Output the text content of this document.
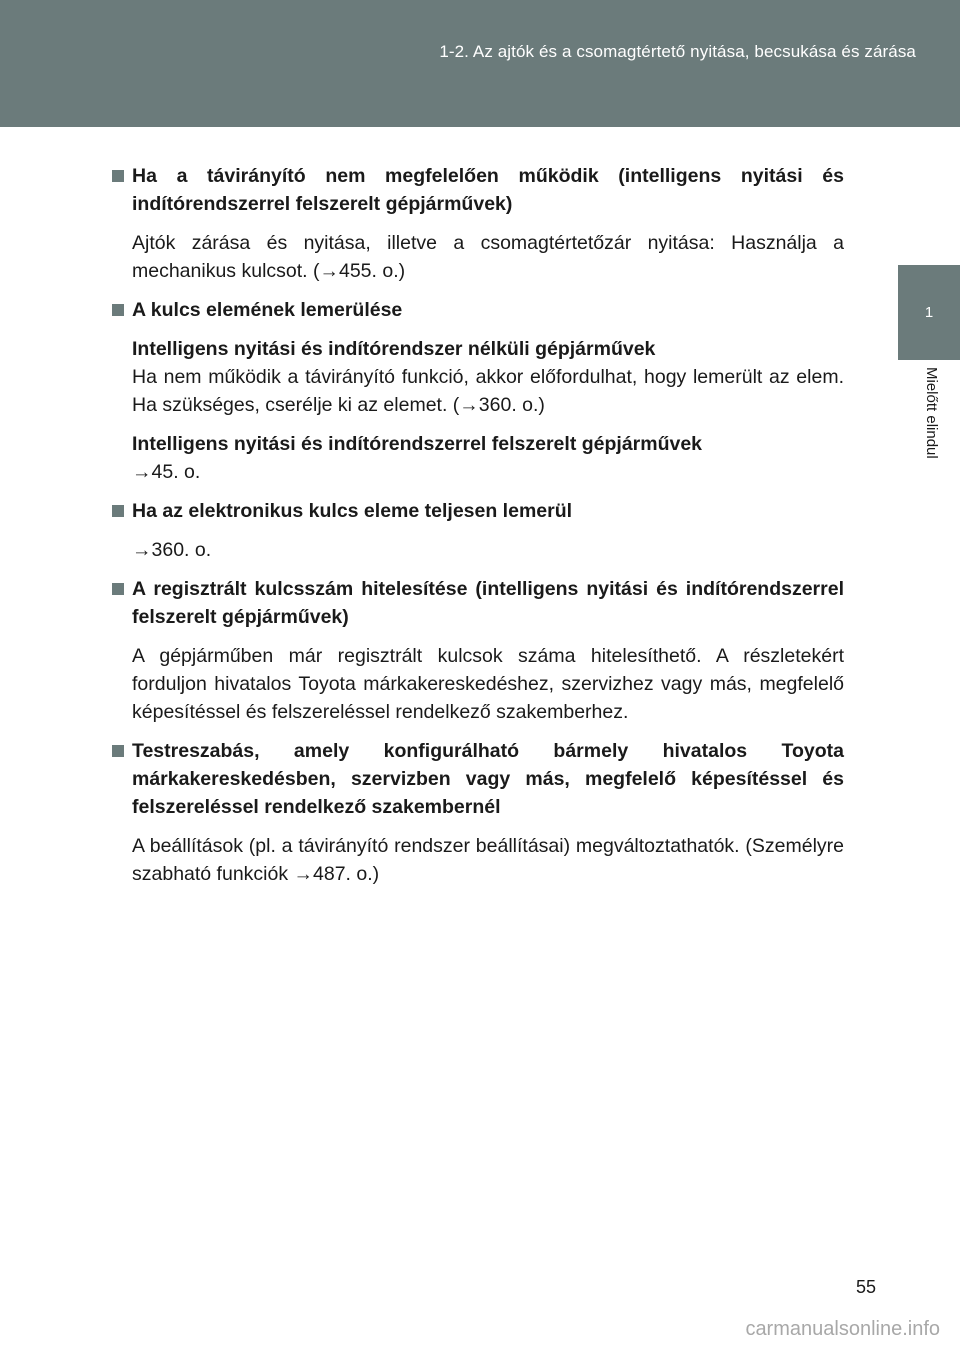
1-2. Az ajtók és a csomagtértető nyitása, becsukása és zárása
1
Mielőtt elindul
Ha a távirányító nem megfelelően működik (intelligens nyitási és indítórendszerrel felszerelt gépjárművek)
Ajtók zárása és nyitása, illetve a csomagtértetőzár nyitása: Használja a mechanikus kulcsot. (→455. o.)
A kulcs elemének lemerülése
Intelligens nyitási és indítórendszer nélküli gépjárművek
Ha nem működik a távirányító funkció, akkor előfordulhat, hogy lemerült az elem. Ha szükséges, cserélje ki az elemet. (→360. o.)
Intelligens nyitási és indítórendszerrel felszerelt gépjárművek
→45. o.
Ha az elektronikus kulcs eleme teljesen lemerül
→360. o.
A regisztrált kulcsszám hitelesítése (intelligens nyitási és indítórendszerrel felszerelt gépjárművek)
A gépjárműben már regisztrált kulcsok száma hitelesíthető. A részletekért forduljon hivatalos Toyota márkakereskedéshez, szervizhez vagy más, megfelelő képesítéssel és felszereléssel rendelkező szakemberhez.
Testreszabás, amely konfigurálható bármely hivatalos Toyota márkakereskedésben, szervizben vagy más, megfelelő képesítéssel és felszereléssel rendelkező szakembernél
A beállítások (pl. a távirányító rendszer beállításai) megváltoztathatók. (Személyre szabható funkciók →487. o.)
55
carmanualsonline.info
